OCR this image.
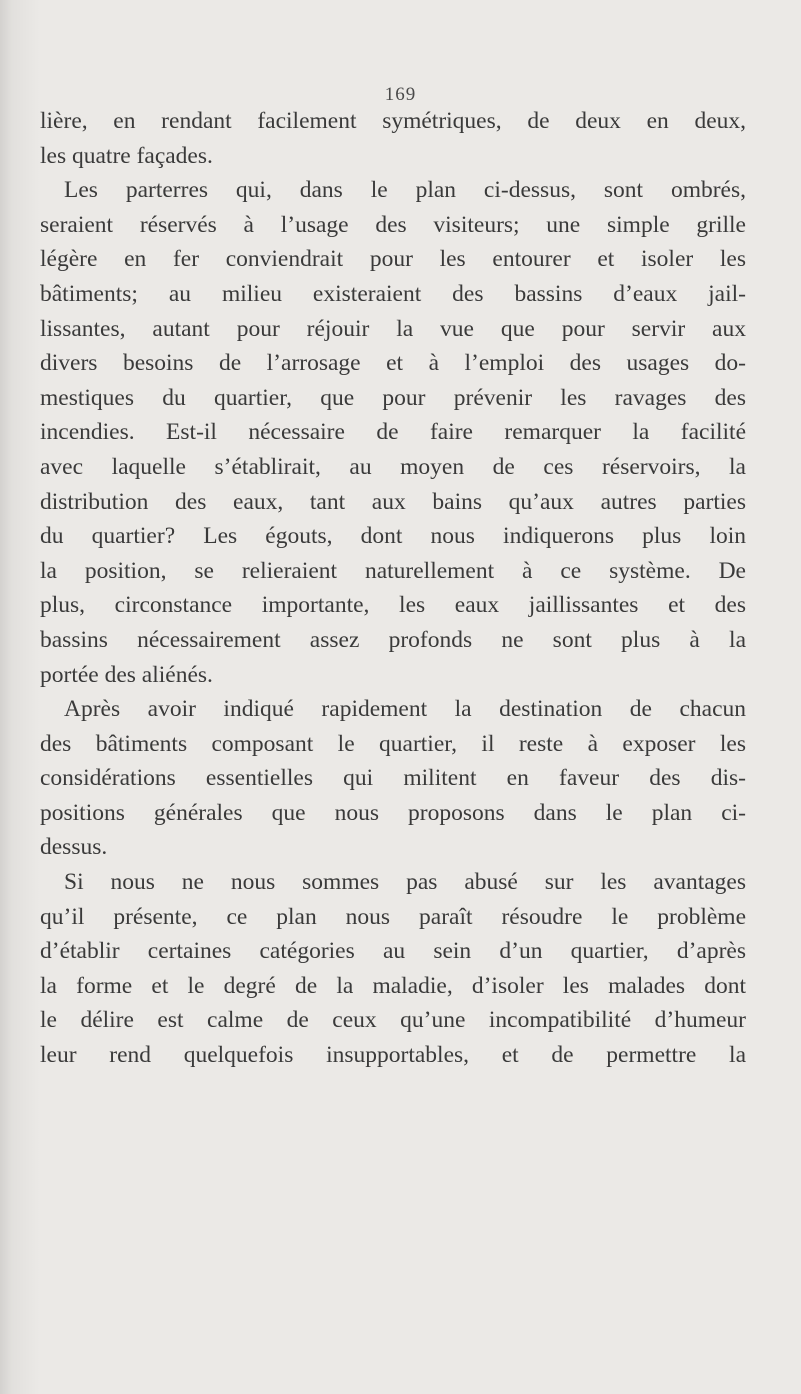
169
lière, en rendant facilement symétriques, de deux en deux,
les quatre façades.
Les parterres qui, dans le plan ci-dessus, sont ombrés,
seraient réservés à l’usage des visiteurs; une simple grille
légère en fer conviendrait pour les entourer et isoler les
bâtiments; au milieu existeraient des bassins d’eaux jail-
lissantes, autant pour réjouir la vue que pour servir aux
divers besoins de l’arrosage et à l’emploi des usages do-
mestiques du quartier, que pour prévenir les ravages des
incendies. Est-il nécessaire de faire remarquer la facilité
avec laquelle s’établirait, au moyen de ces réservoirs, la
distribution des eaux, tant aux bains qu’aux autres parties
du quartier? Les égouts, dont nous indiquerons plus loin
la position, se relieraient naturellement à ce système. De
plus, circonstance importante, les eaux jaillissantes et des
bassins nécessairement assez profonds ne sont plus à la
portée des aliénés.
Après avoir indiqué rapidement la destination de chacun
des bâtiments composant le quartier, il reste à exposer les
considérations essentielles qui militent en faveur des dis-
positions générales que nous proposons dans le plan ci-
dessus.
Si nous ne nous sommes pas abusé sur les avantages
qu’il présente, ce plan nous paraît résoudre le problème
d’établir certaines catégories au sein d’un quartier, d’après
la forme et le degré de la maladie, d’isoler les malades dont
le délire est calme de ceux qu’une incompatibilité d’humeur
leur rend quelquefois insupportables, et de permettre la
